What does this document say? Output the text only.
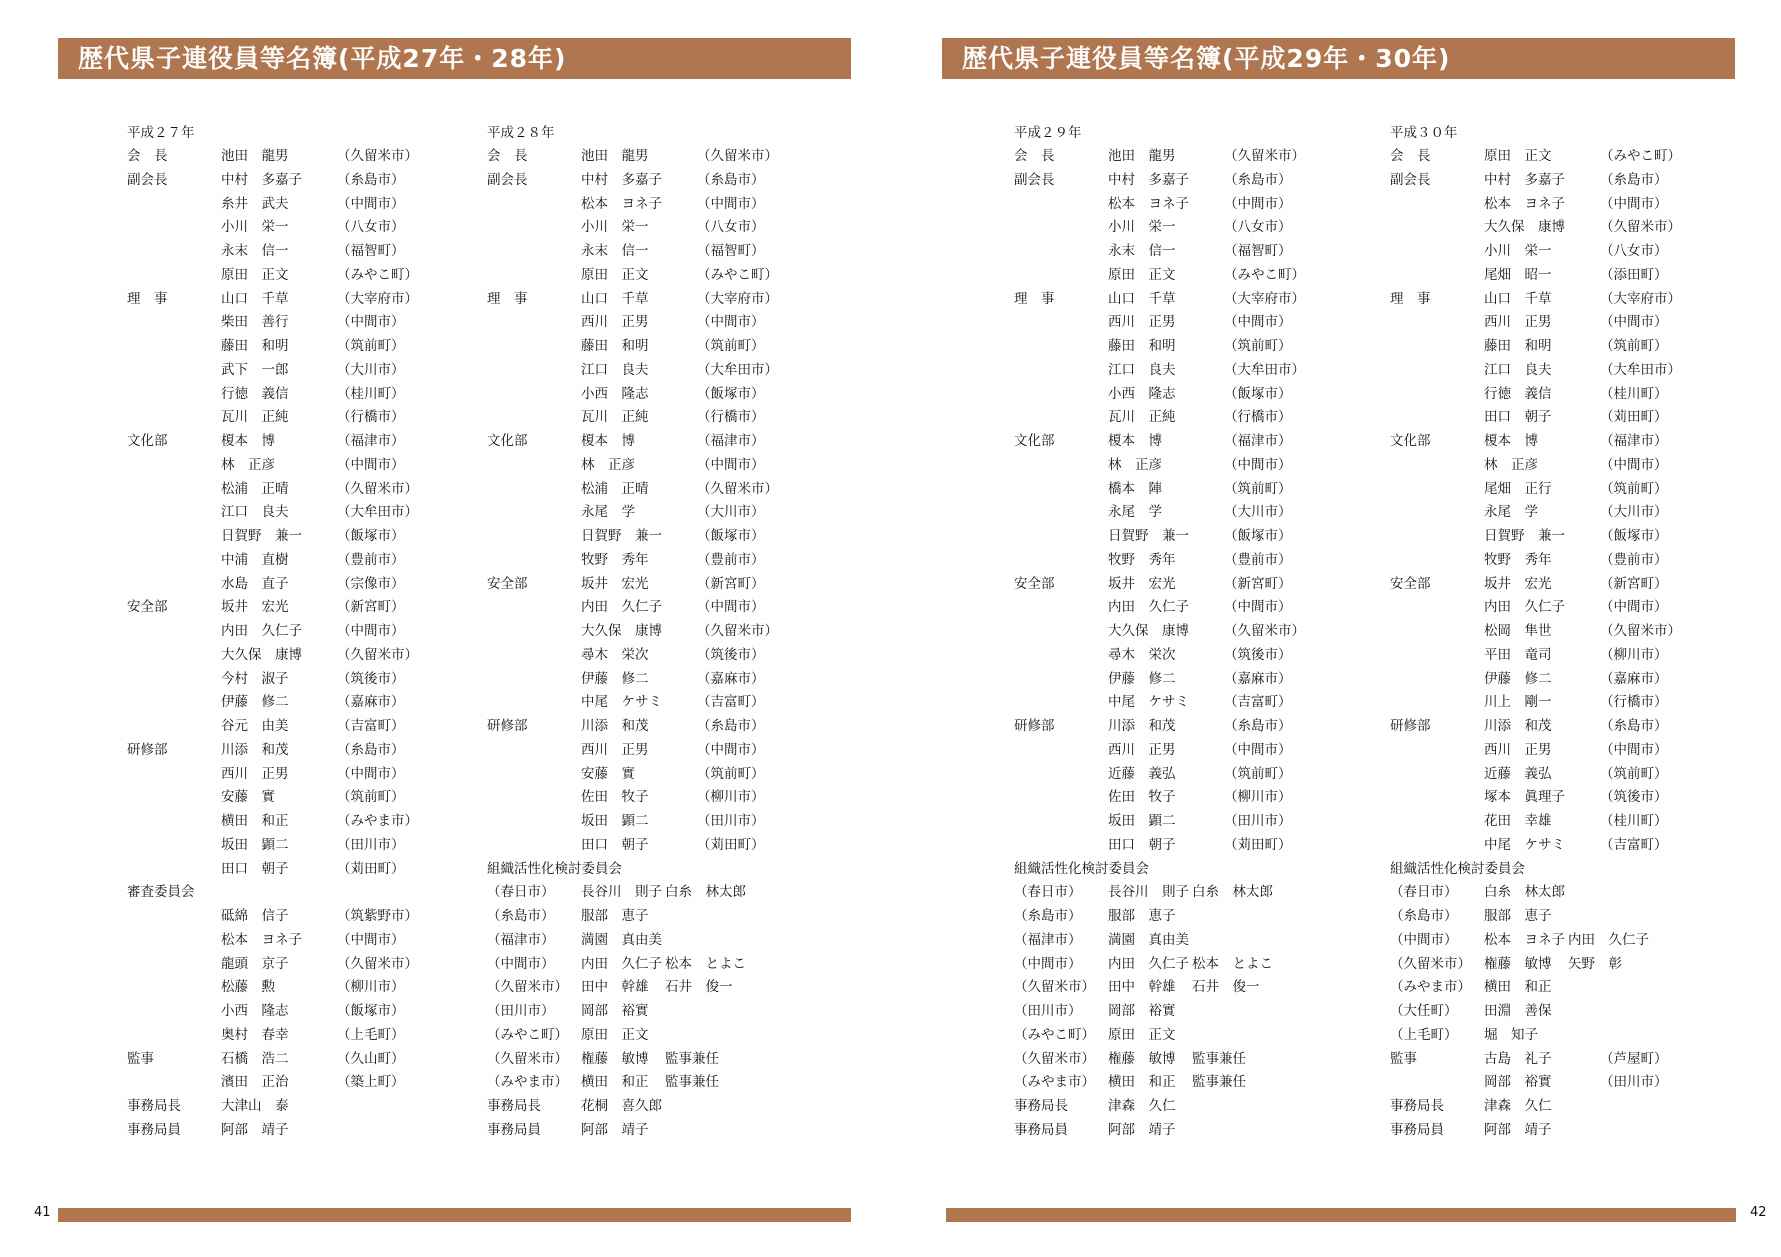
歴代県子連役員等名簿(平成27年・28年)
平成２７年
会　長	池田　龍男	（久留米市）
副会長	中村　多嘉子	（糸島市）
糸井　武夫	（中間市）
小川　栄一	（八女市）
永末　信一	（福智町）
原田　正文	（みやこ町）
理　事	山口　千草	（大宰府市）
柴田　善行	（中間市）
藤田　和明	（筑前町）
武下　一郎	（大川市）
行徳　義信	（桂川町）
瓦川　正純	（行橋市）
文化部	榎本　博	（福津市）
林　正彦	（中間市）
松浦　正晴	（久留米市）
江口　良夫	（大牟田市）
日賀野　兼一	（飯塚市）
中浦　直樹	（豊前市）
水島　直子	（宗像市）
安全部	坂井　宏光	（新宮町）
内田　久仁子	（中間市）
大久保　康博	（久留米市）
今村　淑子	（筑後市）
伊藤　修二	（嘉麻市）
谷元　由美	（吉富町）
研修部	川添　和茂	（糸島市）
西川　正男	（中間市）
安藤　實	（筑前町）
横田　和正	（みやま市）
坂田　顕二	（田川市）
田口　朝子	（苅田町）
審査委員会
砥綿　信子	（筑紫野市）
松本　ヨネ子	（中間市）
龍頭　京子	（久留米市）
松藤　勲	（柳川市）
小西　隆志	（飯塚市）
奥村　春幸	（上毛町）
監事	石橋　浩二	（久山町）
濱田　正治	（築上町）
事務局長	大津山　泰
事務局員	阿部　靖子
平成２８年
会　長	池田　龍男	（久留米市）
副会長	中村　多嘉子	（糸島市）
松本　ヨネ子	（中間市）
小川　栄一	（八女市）
永末　信一	（福智町）
原田　正文	（みやこ町）
理　事	山口　千草	（大宰府市）
西川　正男	（中間市）
藤田　和明	（筑前町）
江口　良夫	（大牟田市）
小西　隆志	（飯塚市）
瓦川　正純	（行橋市）
文化部	榎本　博	（福津市）
林　正彦	（中間市）
松浦　正晴	（久留米市）
永尾　学	（大川市）
日賀野　兼一	（飯塚市）
牧野　秀年	（豊前市）
安全部	坂井　宏光	（新宮町）
内田　久仁子	（中間市）
大久保　康博	（久留米市）
尋木　栄次	（筑後市）
伊藤　修二	（嘉麻市）
中尾　ケサミ	（吉富町）
研修部	川添　和茂	（糸島市）
西川　正男	（中間市）
安藤　實	（筑前町）
佐田　牧子	（柳川市）
坂田　顕二	（田川市）
田口　朝子	（苅田町）
組織活性化検討委員会
（春日市） 長谷川　則子 白糸　林太郎
（糸島市） 服部　恵子
（福津市） 満園　真由美
（中間市） 内田　久仁子 松本　とよこ
（久留米市） 田中　幹雄 石井　俊一
（田川市） 岡部　裕實
（みやこ町） 原田　正文
（久留米市） 権藤　敏博 監事兼任
（みやま市） 横田　和正 監事兼任
事務局長	花桐　喜久郎
事務局員	阿部　靖子
41
歴代県子連役員等名簿(平成29年・30年)
平成２９年
会　長	池田　龍男	（久留米市）
副会長	中村　多嘉子	（糸島市）
松本　ヨネ子	（中間市）
小川　栄一	（八女市）
永末　信一	（福智町）
原田　正文	（みやこ町）
理　事	山口　千草	（大宰府市）
西川　正男	（中間市）
藤田　和明	（筑前町）
江口　良夫	（大牟田市）
小西　隆志	（飯塚市）
瓦川　正純	（行橋市）
文化部	榎本　博	（福津市）
林　正彦	（中間市）
橋本　陣	（筑前町）
永尾　学	（大川市）
日賀野　兼一	（飯塚市）
牧野　秀年	（豊前市）
安全部	坂井　宏光	（新宮町）
内田　久仁子	（中間市）
大久保　康博	（久留米市）
尋木　栄次	（筑後市）
伊藤　修二	（嘉麻市）
中尾　ケサミ	（吉富町）
研修部	川添　和茂	（糸島市）
西川　正男	（中間市）
近藤　義弘	（筑前町）
佐田　牧子	（柳川市）
坂田　顕二	（田川市）
田口　朝子	（苅田町）
組織活性化検討委員会
（春日市） 長谷川　則子 白糸　林太郎
（糸島市） 服部　恵子
（福津市） 満園　真由美
（中間市） 内田　久仁子 松本　とよこ
（久留米市） 田中　幹雄 石井　俊一
（田川市） 岡部　裕實
（みやこ町） 原田　正文
（久留米市） 権藤　敏博 監事兼任
（みやま市） 横田　和正 監事兼任
事務局長	津森　久仁
事務局員	阿部　靖子
平成３０年
会　長	原田　正文	（みやこ町）
副会長	中村　多嘉子	（糸島市）
松本　ヨネ子	（中間市）
大久保　康博	（久留米市）
小川　栄一	（八女市）
尾畑　昭一	（添田町）
理　事	山口　千草	（大宰府市）
西川　正男	（中間市）
藤田　和明	（筑前町）
江口　良夫	（大牟田市）
行徳　義信	（桂川町）
田口　朝子	（苅田町）
文化部	榎本　博	（福津市）
林　正彦	（中間市）
尾畑　正行	（筑前町）
永尾　学	（大川市）
日賀野　兼一	（飯塚市）
牧野　秀年	（豊前市）
安全部	坂井　宏光	（新宮町）
内田　久仁子	（中間市）
松岡　隼世	（久留米市）
平田　竜司	（柳川市）
伊藤　修二	（嘉麻市）
川上　剛一	（行橋市）
研修部	川添　和茂	（糸島市）
西川　正男	（中間市）
近藤　義弘	（筑前町）
塚本　眞理子	（筑後市）
花田　幸雄	（桂川町）
中尾　ケサミ	（吉富町）
組織活性化検討委員会
（春日市） 白糸　林太郎
（糸島市） 服部　恵子
（中間市） 松本　ヨネ子 内田　久仁子
（久留米市） 権藤　敏博 矢野　彰
（みやま市） 横田　和正
（大任町） 田淵　善保
（上毛町） 堀　知子
監事	古島　礼子	（芦屋町）
岡部　裕實	（田川市）
事務局長	津森　久仁
事務局員	阿部　靖子
42
